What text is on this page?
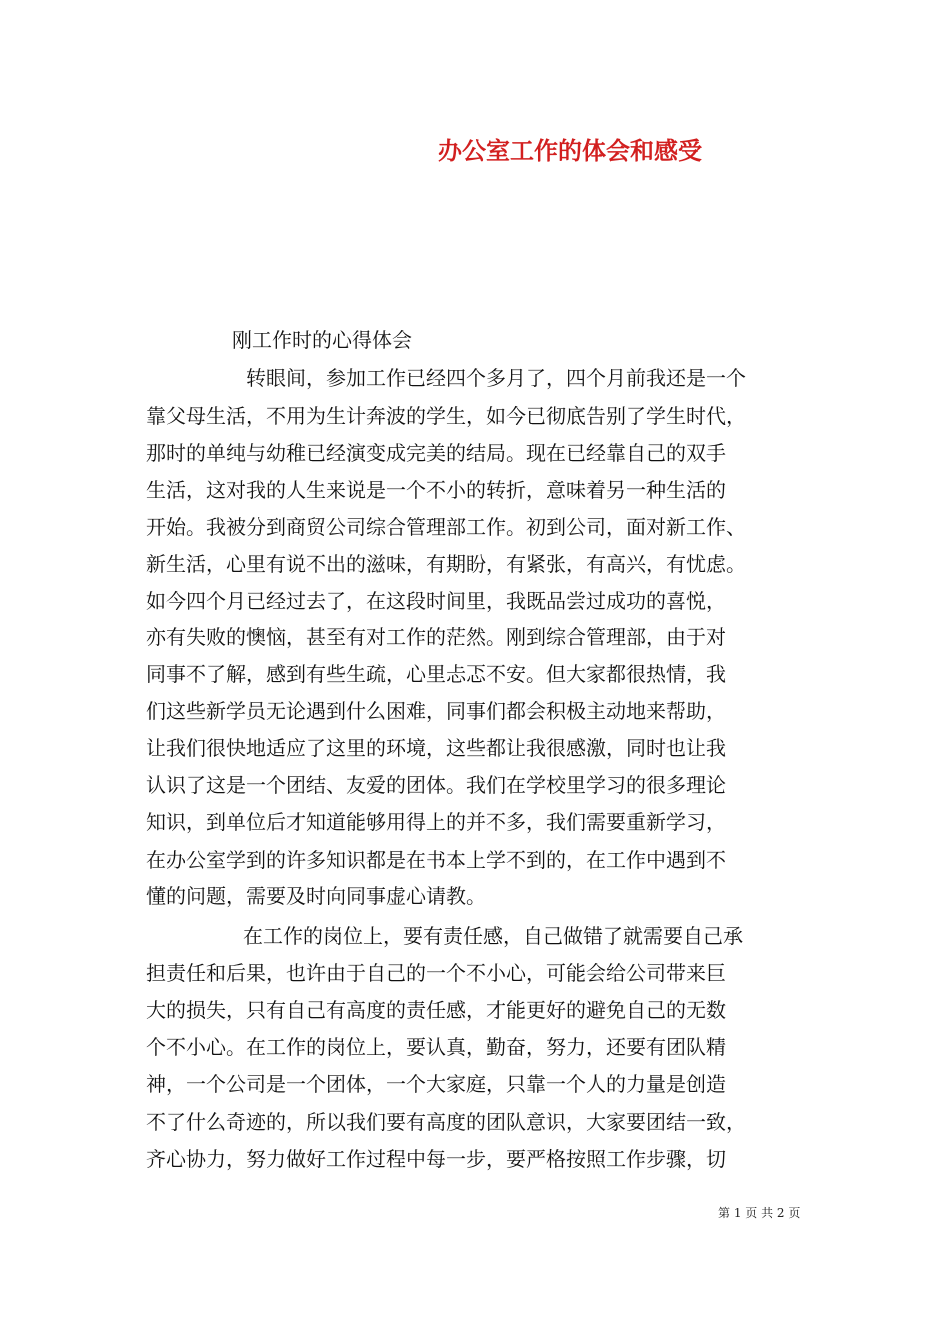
办公室工作的体会和感受
刚工作时的心得体会
转眼间，参加工作已经四个多月了，四个月前我还是一个
靠父母生活，不用为生计奔波的学生，如今已彻底告别了学生时代，
那时的单纯与幼稚已经演变成完美的结局。现在已经靠自己的双手
生活，这对我的人生来说是一个不小的转折，意味着另一种生活的
开始。我被分到商贸公司综合管理部工作。初到公司，面对新工作、
新生活，心里有说不出的滋味，有期盼，有紧张，有高兴，有忧虑。
如今四个月已经过去了，在这段时间里，我既品尝过成功的喜悦，
亦有失败的懊恼，甚至有对工作的茫然。刚到综合管理部，由于对
同事不了解，感到有些生疏，心里忐忑不安。但大家都很热情，我
们这些新学员无论遇到什么困难，同事们都会积极主动地来帮助，
让我们很快地适应了这里的环境，这些都让我很感激，同时也让我
认识了这是一个团结、友爱的团体。我们在学校里学习的很多理论
知识，到单位后才知道能够用得上的并不多，我们需要重新学习，
在办公室学到的许多知识都是在书本上学不到的，在工作中遇到不
懂的问题，需要及时向同事虚心请教。
在工作的岗位上，要有责任感，自己做错了就需要自己承
担责任和后果，也许由于自己的一个不小心，可能会给公司带来巨
大的损失，只有自己有高度的责任感，才能更好的避免自己的无数
个不小心。在工作的岗位上，要认真，勤奋，努力，还要有团队精
神，一个公司是一个团体，一个大家庭，只靠一个人的力量是创造
不了什么奇迹的，所以我们要有高度的团队意识，大家要团结一致，
齐心协力，努力做好工作过程中每一步，要严格按照工作步骤，切
第 1 页 共 2 页
